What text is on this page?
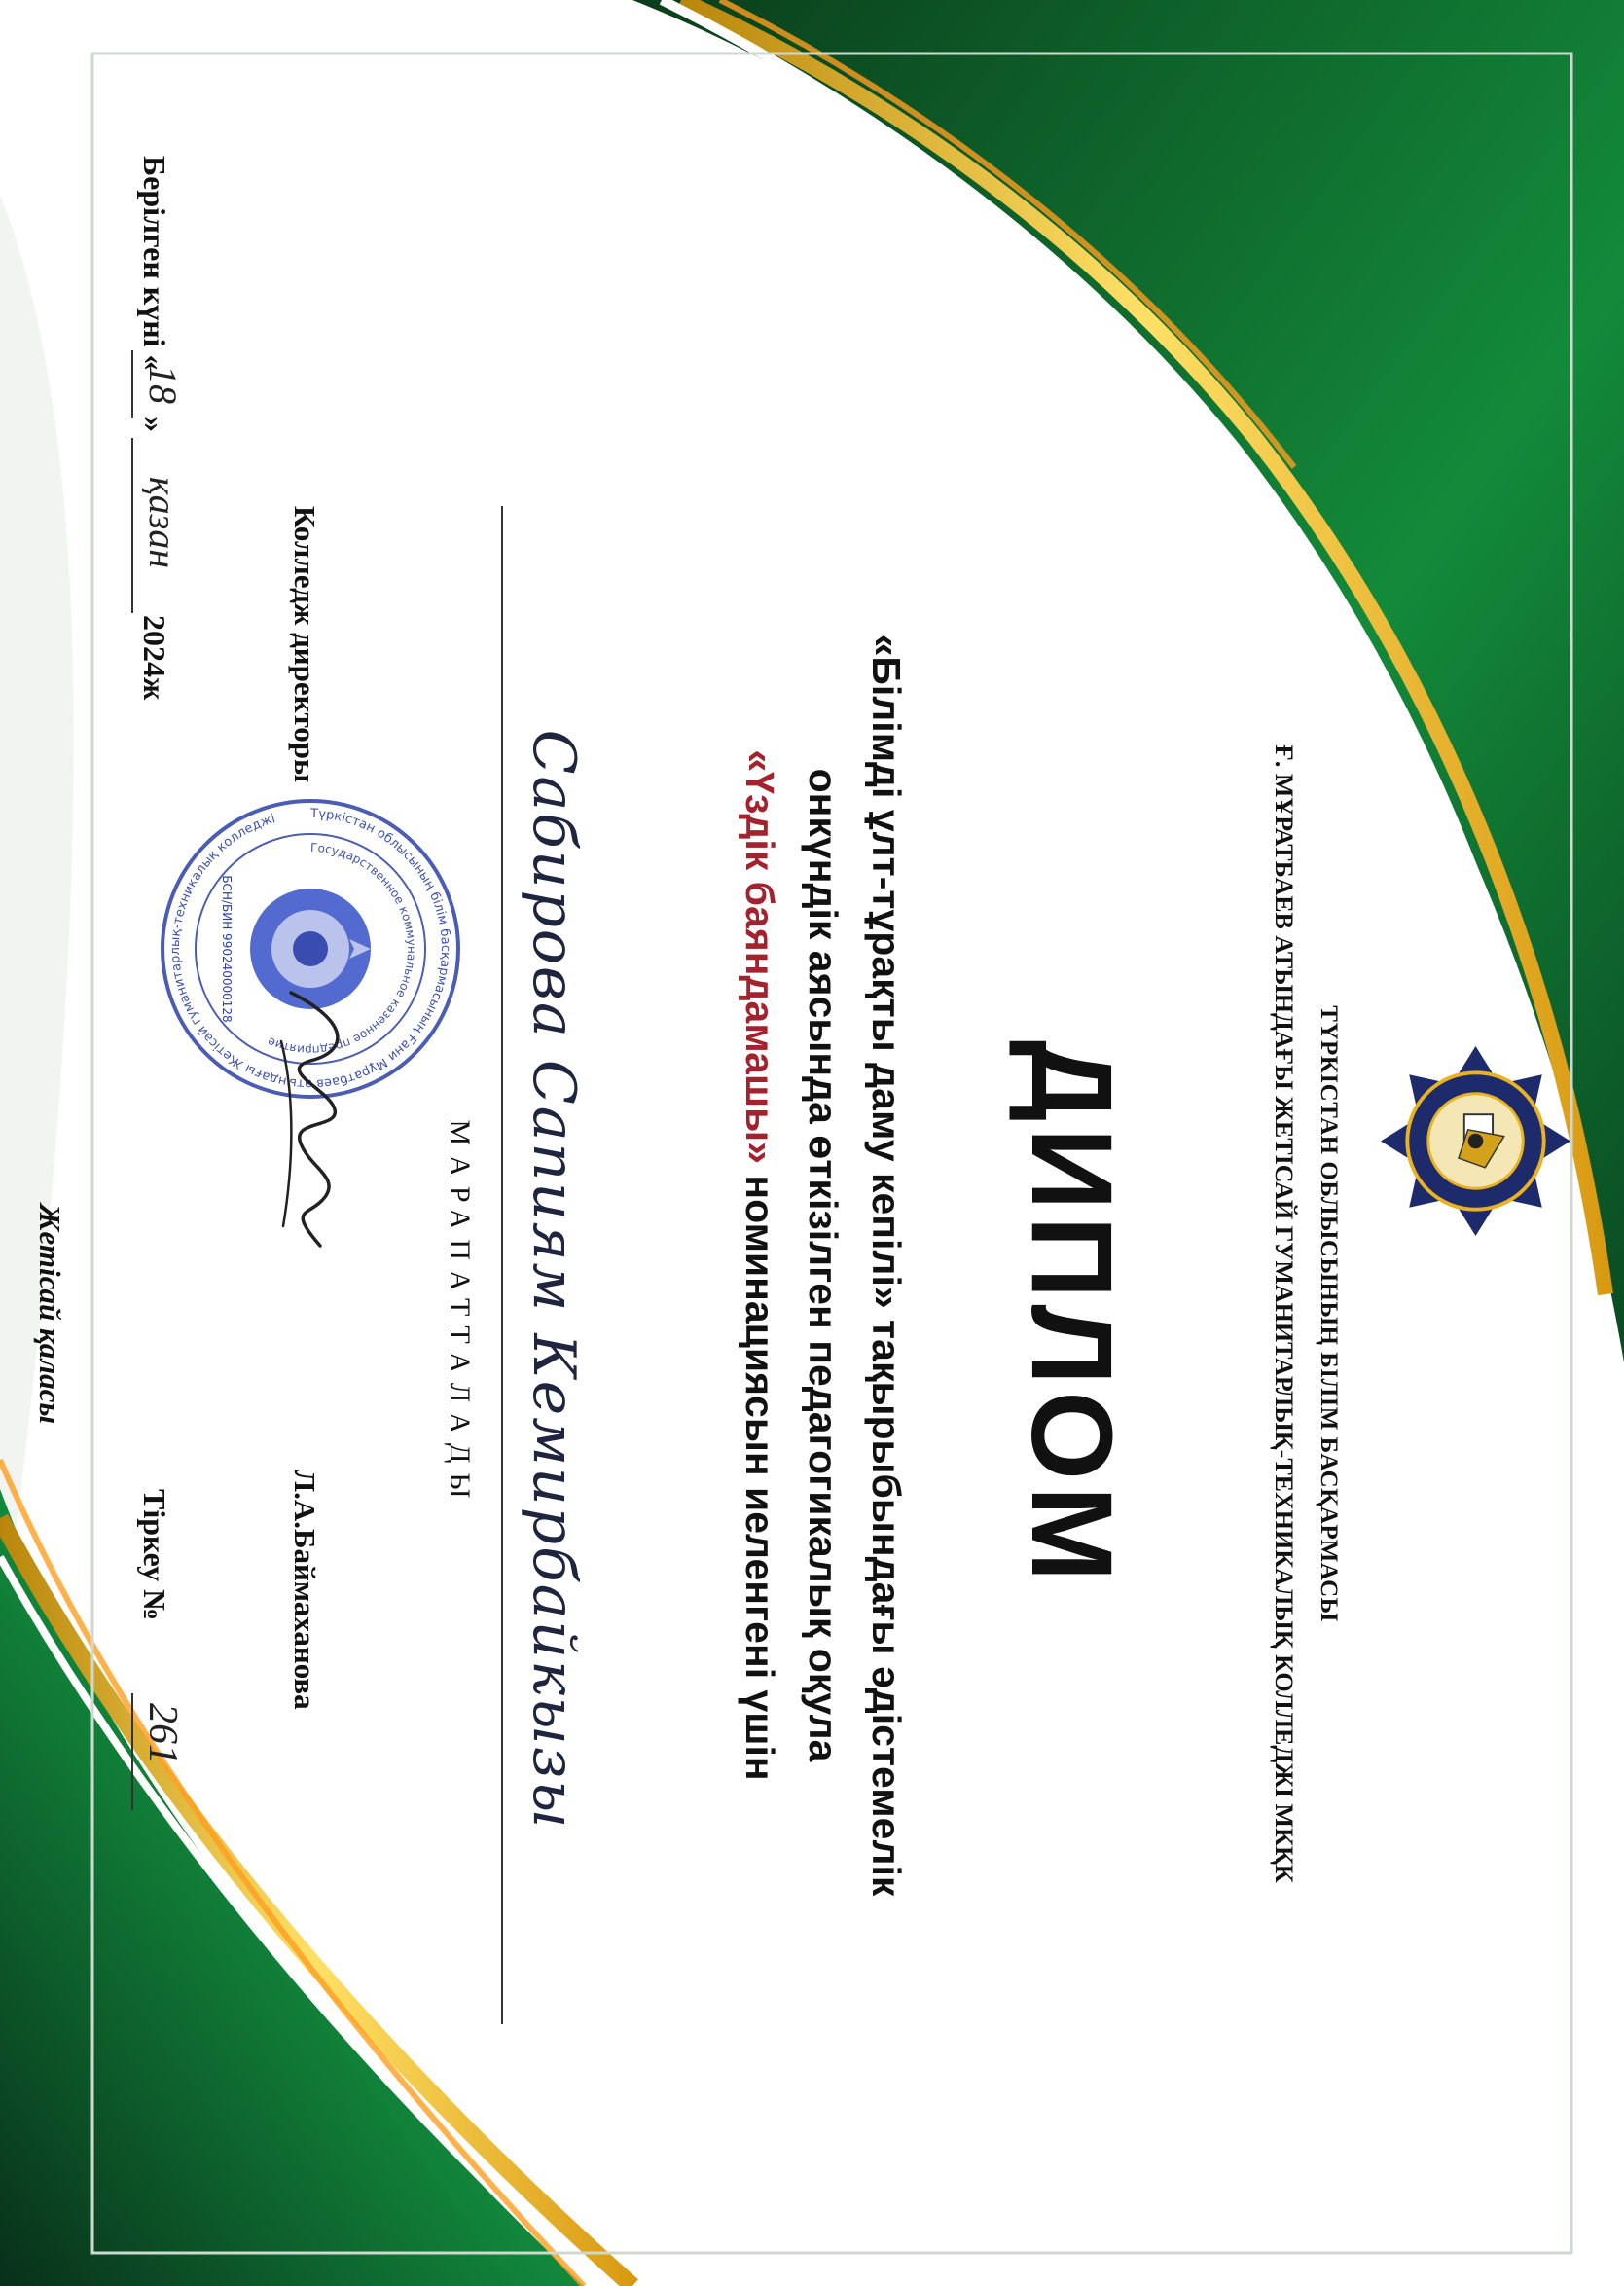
ТҮРКІСТАН ОБЛЫСЫНЫҢ БІЛІМ БАСҚАРМАСЫ
Ғ. МҰРАТБАЕВ АТЫНДАҒЫ ЖЕТІСАЙ ГУМАНИТАРЛЫҚ-ТЕХНИКАЛЫҚ КОЛЛЕДЖІ МКҚК
ДИПЛОМ
«Білімді ұлт-тұрақты даму кепілі» тақырыбындағы әдістемелік
онкүндік аясында өткізілген педагогикалық оқула
«Үздік баяндамашы» номинациясын иеленгені үшін
Сабирова Сапиям Кемирбайкызы
МАРАПАТТАЛАДЫ
Колледж директоры
Л.А.Баймаханова
Түркістан облысының білім басқармасының Ғани Мұратбаев атындағы Жетісай гуманитарлық-техникалық колледжі
Государственное коммунальное казенное предприятие
БСН/БИН 990240000128
Берілген күні «
18
»
қазан
2024ж
Тіркеу №
261
Жетісай қаласы
